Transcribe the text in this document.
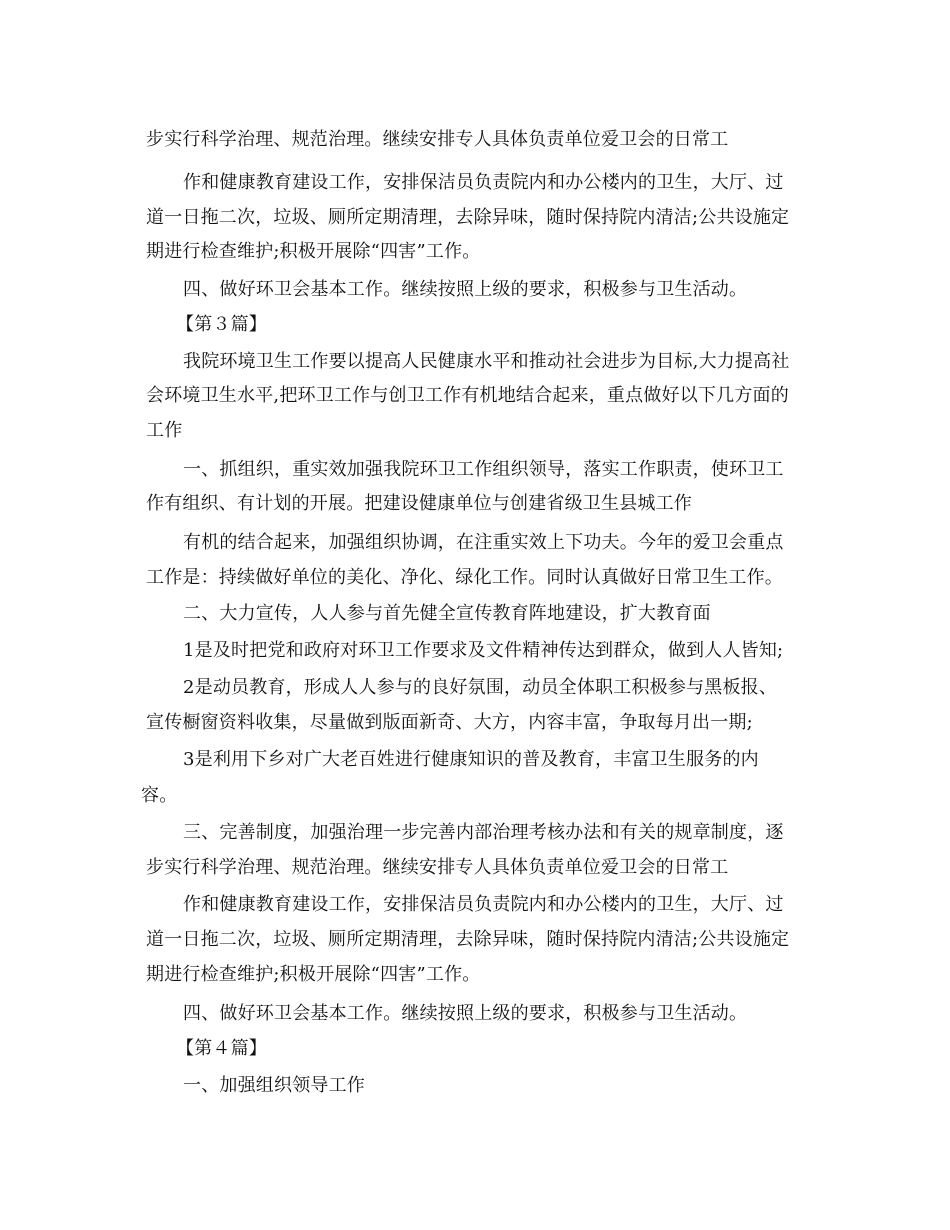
步实行科学治理、规范治理。继续安排专人具体负责单位爱卫会的日常工
作和健康教育建设工作，安排保洁员负责院内和办公楼内的卫生，大厅、过
道一日拖二次，垃圾、厕所定期清理，去除异味，随时保持院内清洁;公共设施定
期进行检查维护;积极开展除“四害”工作。
四、做好环卫会基本工作。继续按照上级的要求，积极参与卫生活动。
【第３篇】
我院环境卫生工作要以提高人民健康水平和推动社会进步为目标,大力提高社
会环境卫生水平,把环卫工作与创卫工作有机地结合起来，重点做好以下几方面的
工作
一、抓组织，重实效加强我院环卫工作组织领导，落实工作职责，使环卫工
作有组织、有计划的开展。把建设健康单位与创建省级卫生县城工作
有机的结合起来，加强组织协调，在注重实效上下功夫。今年的爱卫会重点
工作是：持续做好单位的美化、净化、绿化工作。同时认真做好日常卫生工作。
二、大力宣传，人人参与首先健全宣传教育阵地建设，扩大教育面
1是及时把党和政府对环卫工作要求及文件精神传达到群众，做到人人皆知;
2是动员教育，形成人人参与的良好氛围，动员全体职工积极参与黑板报、
宣传橱窗资料收集，尽量做到版面新奇、大方，内容丰富，争取每月出一期;
3是利用下乡对广大老百姓进行健康知识的普及教育，丰富卫生服务的内
容。
三、完善制度，加强治理一步完善内部治理考核办法和有关的规章制度，逐
步实行科学治理、规范治理。继续安排专人具体负责单位爱卫会的日常工
作和健康教育建设工作，安排保洁员负责院内和办公楼内的卫生，大厅、过
道一日拖二次，垃圾、厕所定期清理，去除异味，随时保持院内清洁;公共设施定
期进行检查维护;积极开展除“四害”工作。
四、做好环卫会基本工作。继续按照上级的要求，积极参与卫生活动。
【第４篇】
一、加强组织领导工作
